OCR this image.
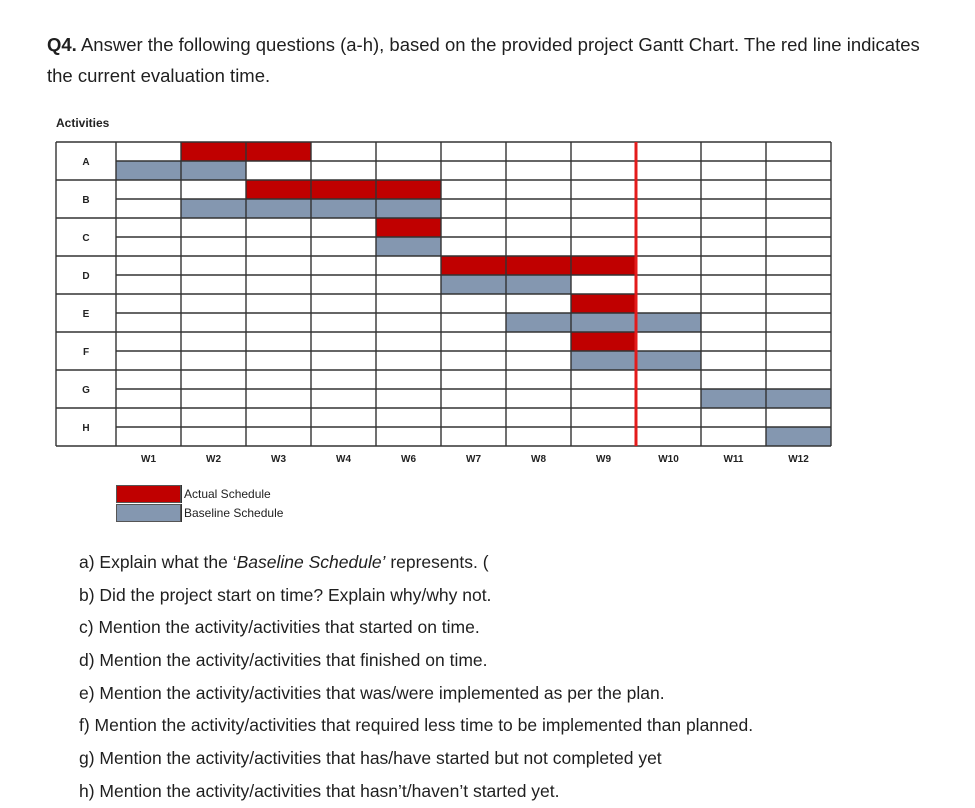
Q4. Answer the following questions (a-h), based on the provided project Gantt Chart. The red line indicates
the current evaluation time.
Activities
A
B
C
D
E
F
G
H
W1	W2	W3	W4	W6	W7	W8	W9	W10	W11	W12
Actual Schedule
Baseline Schedule
a) Explain what the ‘Baseline Schedule’ represents. (
b) Did the project start on time? Explain why/why not.
c) Mention the activity/activities that started on time.
d) Mention the activity/activities that finished on time.
e) Mention the activity/activities that was/were implemented as per the plan.
f) Mention the activity/activities that required less time to be implemented than planned.
g) Mention the activity/activities that has/have started but not completed yet
h) Mention the activity/activities that hasn’t/haven’t started yet.
